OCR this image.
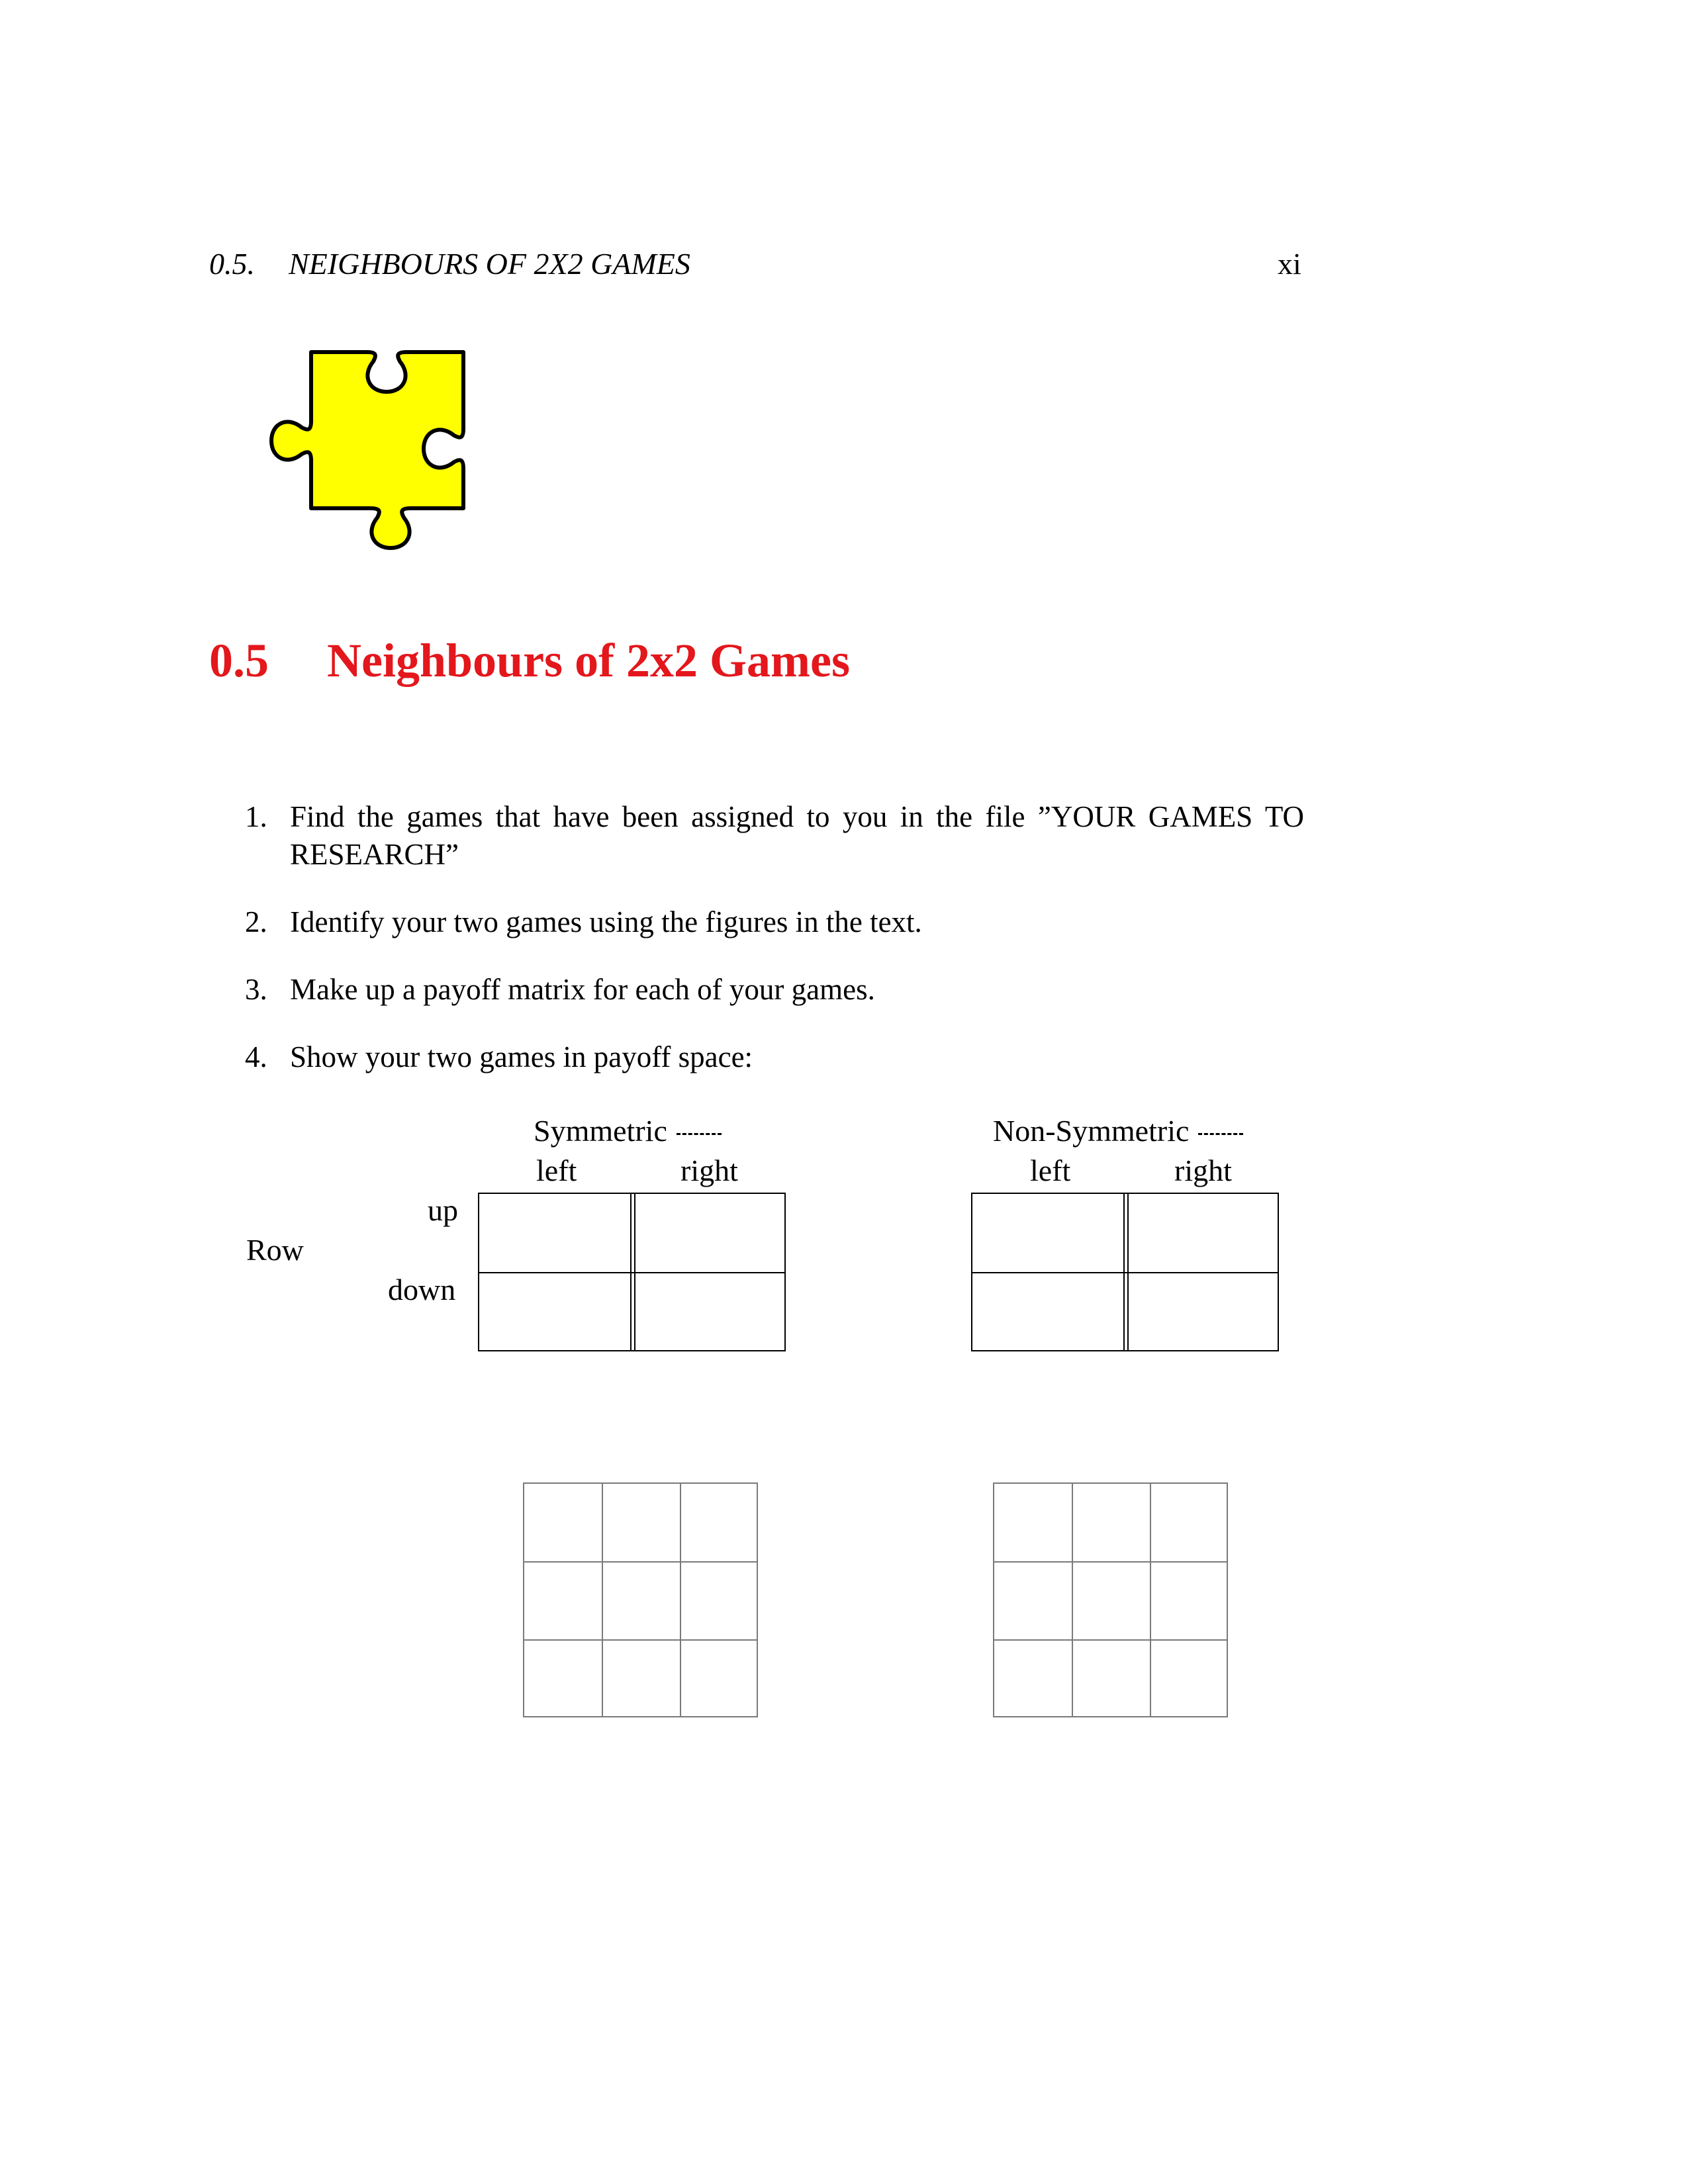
0.5. NEIGHBOURS OF 2X2 GAMES	xi
0.5 Neighbours of 2x2 Games
1. Find the games that have been assigned to you in the file ”YOUR GAMES TO RESEARCH”
2. Identify your two games using the figures in the text.
3. Make up a payoff matrix for each of your games.
4. Show your two games in payoff space:
Symmetric
left	right
Non-Symmetric
left	right
up
Row
down
